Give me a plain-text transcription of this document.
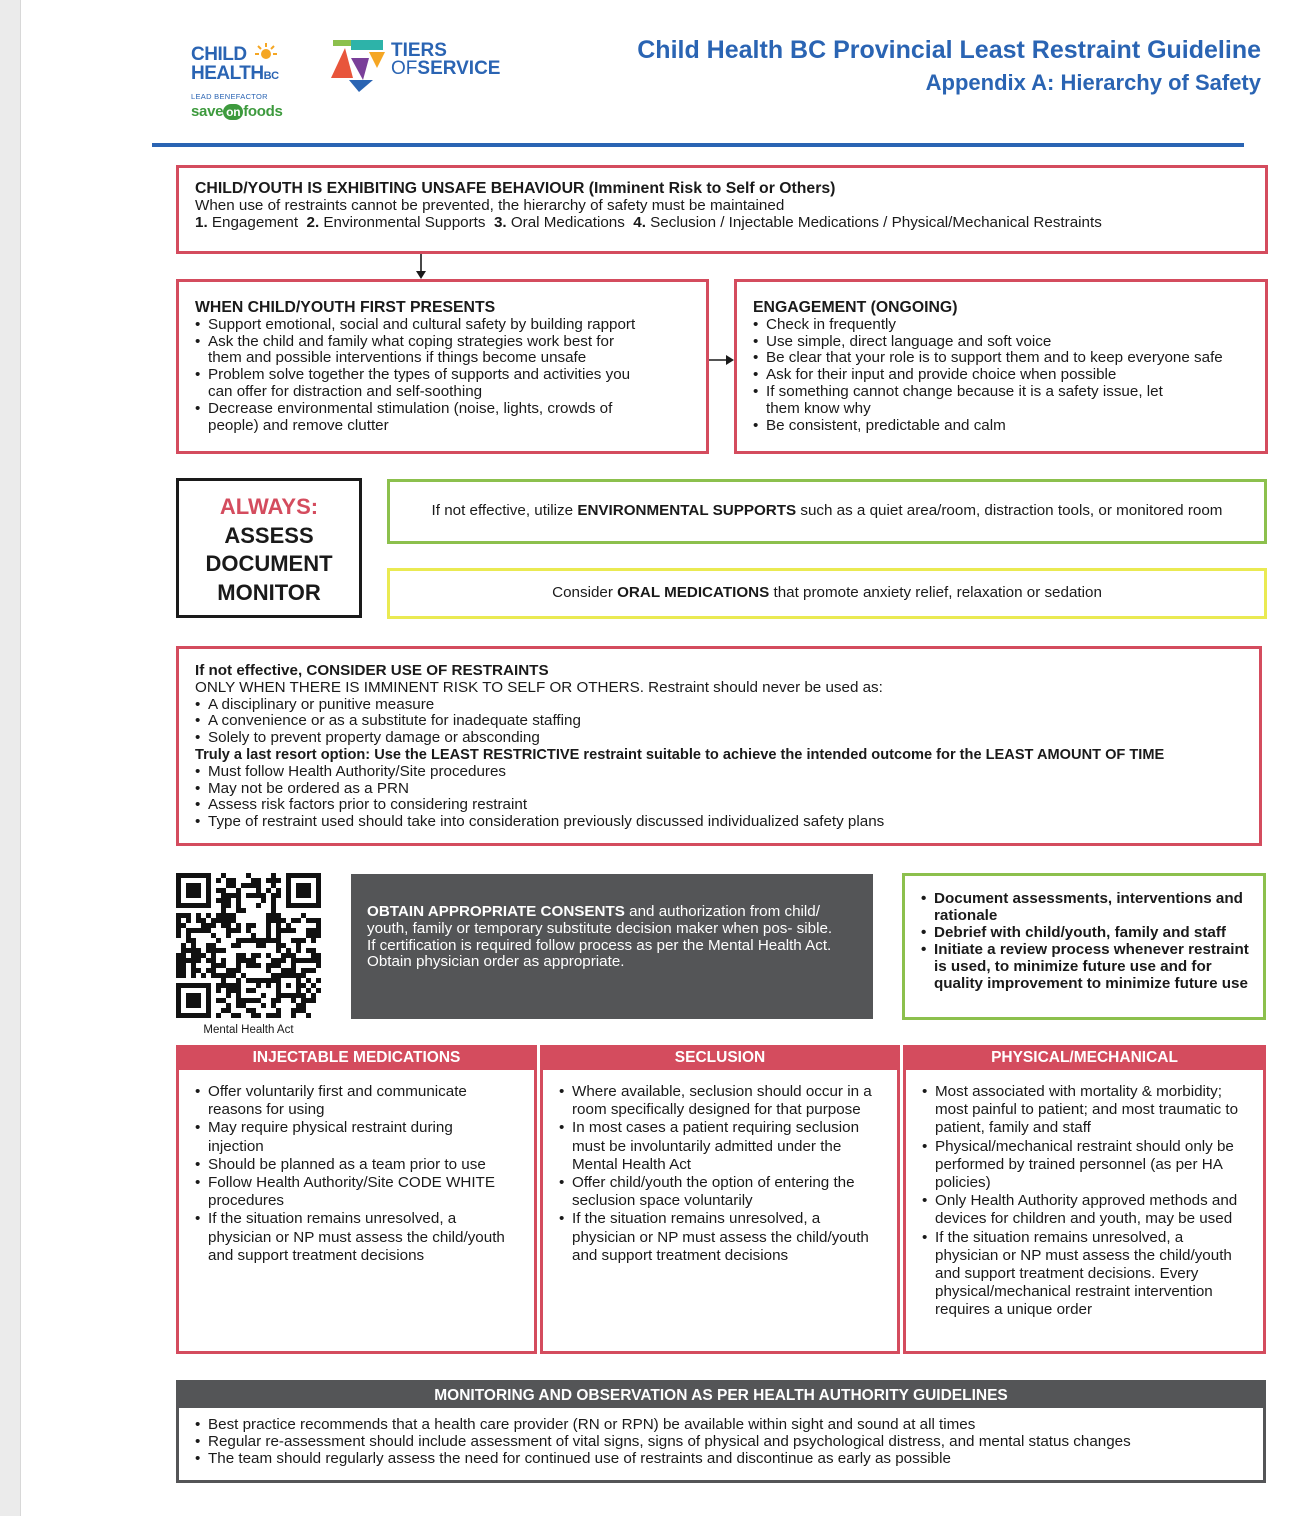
CHILD
HEALTHBC
LEAD BENEFACTOR
save on foods
TIERS
OFSERVICE
Child Health BC Provincial Least Restraint Guideline
Appendix A: Hierarchy of Safety
CHILD/YOUTH IS EXHIBITING UNSAFE BEHAVIOUR (Imminent Risk to Self or Others)
When use of restraints cannot be prevented, the hierarchy of safety must be maintained
1. Engagement 2. Environmental Supports 3. Oral Medications 4. Seclusion / Injectable Medications / Physical/Mechanical Restraints
WHEN CHILD/YOUTH FIRST PRESENTS
• Support emotional, social and cultural safety by building rapport
• Ask the child and family what coping strategies work best for them and possible interventions if things become unsafe
• Problem solve together the types of supports and activities you can offer for distraction and self-soothing
• Decrease environmental stimulation (noise, lights, crowds of people) and remove clutter
ENGAGEMENT (ONGOING)
• Check in frequently
• Use simple, direct language and soft voice
• Be clear that your role is to support them and to keep everyone safe
• Ask for their input and provide choice when possible
• If something cannot change because it is a safety issue, let them know why
• Be consistent, predictable and calm
ALWAYS:
ASSESS
DOCUMENT
MONITOR
If not effective, utilize ENVIRONMENTAL SUPPORTS such as a quiet area/room, distraction tools, or monitored room
Consider ORAL MEDICATIONS that promote anxiety relief, relaxation or sedation
If not effective, CONSIDER USE OF RESTRAINTS
ONLY WHEN THERE IS IMMINENT RISK TO SELF OR OTHERS. Restraint should never be used as:
• A disciplinary or punitive measure
• A convenience or as a substitute for inadequate staffing
• Solely to prevent property damage or absconding
Truly a last resort option: Use the LEAST RESTRICTIVE restraint suitable to achieve the intended outcome for the LEAST AMOUNT OF TIME
• Must follow Health Authority/Site procedures
• May not be ordered as a PRN
• Assess risk factors prior to considering restraint
• Type of restraint used should take into consideration previously discussed individualized safety plans
Mental Health Act
OBTAIN APPROPRIATE CONSENTS and authorization from child/ youth, family or temporary substitute decision maker when pos- sible. If certification is required follow process as per the Mental Health Act. Obtain physician order as appropriate.
• Document assessments, interventions and rationale
• Debrief with child/youth, family and staff
• Initiate a review process whenever restraint is used, to minimize future use and for quality improvement to minimize future use
INJECTABLE MEDICATIONS
• Offer voluntarily first and communicate reasons for using
• May require physical restraint during injection
• Should be planned as a team prior to use
• Follow Health Authority/Site CODE WHITE procedures
• If the situation remains unresolved, a physician or NP must assess the child/youth and support treatment decisions
SECLUSION
• Where available, seclusion should occur in a room specifically designed for that purpose
• In most cases a patient requiring seclusion must be involuntarily admitted under the Mental Health Act
• Offer child/youth the option of entering the seclusion space voluntarily
• If the situation remains unresolved, a physician or NP must assess the child/youth and support treatment decisions
PHYSICAL/MECHANICAL
• Most associated with mortality & morbidity; most painful to patient; and most traumatic to patient, family and staff
• Physical/mechanical restraint should only be performed by trained personnel (as per HA policies)
• Only Health Authority approved methods and devices for children and youth, may be used
• If the situation remains unresolved, a physician or NP must assess the child/youth and support treatment decisions. Every physical/mechanical restraint intervention requires a unique order
MONITORING AND OBSERVATION AS PER HEALTH AUTHORITY GUIDELINES
• Best practice recommends that a health care provider (RN or RPN) be available within sight and sound at all times
• Regular re-assessment should include assessment of vital signs, signs of physical and psychological distress, and mental status changes
• The team should regularly assess the need for continued use of restraints and discontinue as early as possible
